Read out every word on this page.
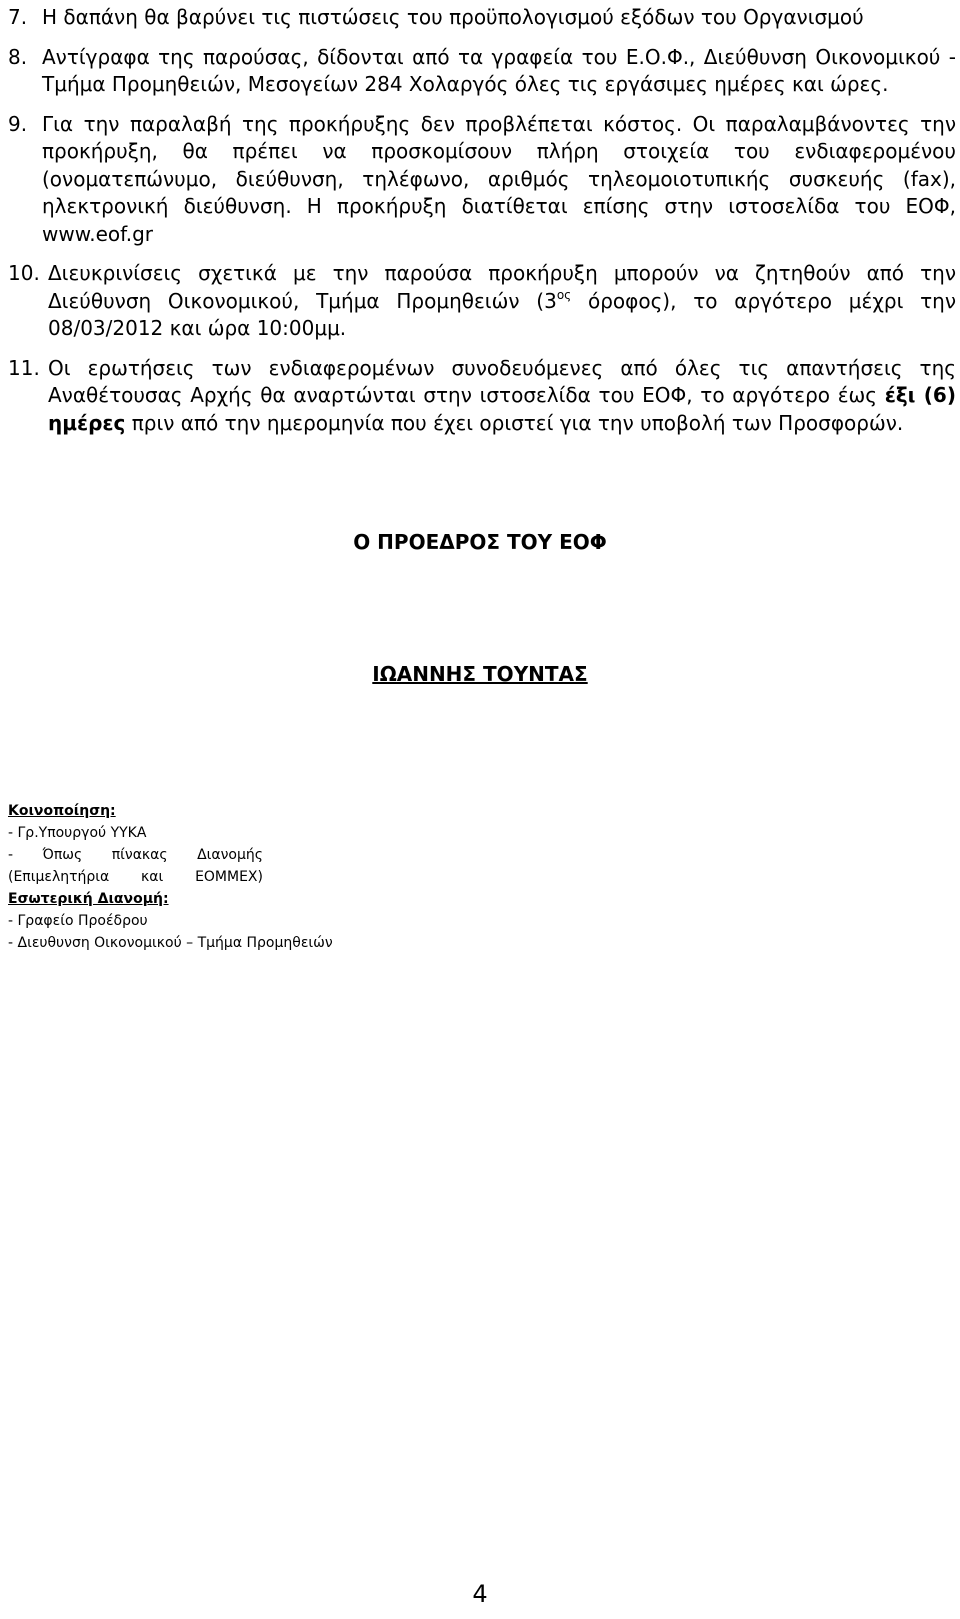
7. Η δαπάνη θα βαρύνει τις πιστώσεις του προϋπολογισμού εξόδων του Οργανισμού
8. Αντίγραφα της παρούσας, δίδονται από τα γραφεία του Ε.Ο.Φ., Διεύθυνση Οικονομικού - Τμήμα Προμηθειών, Μεσογείων 284 Χολαργός όλες τις εργάσιμες ημέρες και ώρες.
9. Για την παραλαβή της προκήρυξης δεν προβλέπεται κόστος. Οι παραλαμβάνοντες την προκήρυξη, θα πρέπει να προσκομίσουν πλήρη στοιχεία του ενδιαφερομένου (ονοματεπώνυμο, διεύθυνση, τηλέφωνο, αριθμός τηλεομοιοτυπικής συσκευής (fax), ηλεκτρονική διεύθυνση. Η προκήρυξη διατίθεται επίσης στην ιστοσελίδα του ΕΟΦ, www.eof.gr
10. Διευκρινίσεις σχετικά με την παρούσα προκήρυξη μπορούν να ζητηθούν από την Διεύθυνση Οικονομικού, Τμήμα Προμηθειών ($3^{o\varsigma}$ όροφος), το αργότερο μέχρι την 08/03/2012 και ώρα 10:00μμ.
11. Οι ερωτήσεις των ενδιαφερομένων συνοδευόμενες από όλες τις απαντήσεις της Αναθέτουσας Αρχής θα αναρτώνται στην ιστοσελίδα του ΕΟΦ, το αργότερο έως έξι (6) ημέρες πριν από την ημερομηνία που έχει οριστεί για την υποβολή των Προσφορών.
Ο ΠΡΟΕΔΡΟΣ ΤΟΥ ΕΟΦ
ΙΩΑΝΝΗΣ ΤΟΥΝΤΑΣ
Κοινοποίηση:
- Γρ.Υπουργού ΥΥΚΑ
- Όπως πίνακας Διανομής (Επιμελητήρια και ΕΟΜΜΕΧ)
Εσωτερική Διανομή:
- Γραφείο Προέδρου
- Διευθυνση Οικονομικού – Τμήμα Προμηθειών
4
